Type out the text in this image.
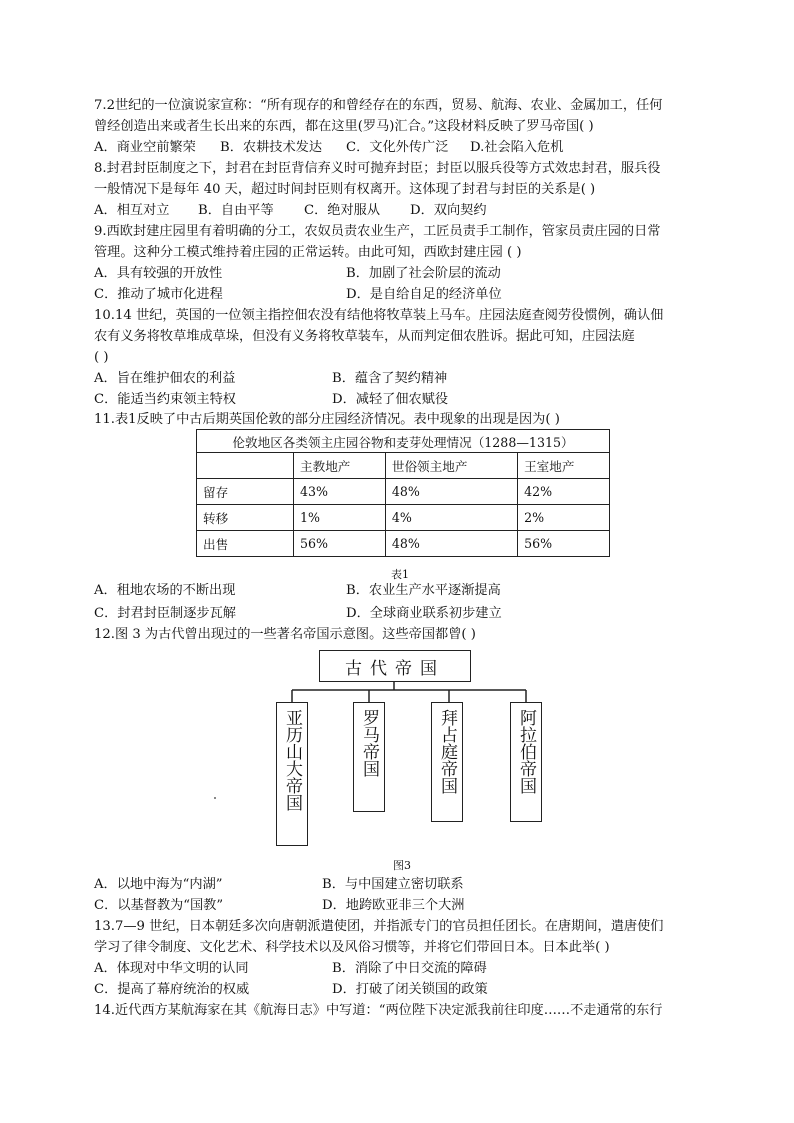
7.2世纪的一位演说家宣称：“所有现存的和曾经存在的东西，贸易、航海、农业、金属加工，任何
曾经创造出来或者生长出来的东西，都在这里(罗马)汇合。”这段材料反映了罗马帝国( )
A．商业空前繁荣 B．农耕技术发达 C．文化外传广泛 D.社会陷入危机
8.封君封臣制度之下，封君在封臣背信弃义时可抛弃封臣；封臣以服兵役等方式效忠封君，服兵役
一般情况下是每年 40 天，超过时间封臣则有权离开。这体现了封君与封臣的关系是( )
A．相互对立 B．自由平等 C．绝对服从 D．双向契约
9.西欧封建庄园里有着明确的分工，农奴员责农业生产，工匠员责手工制作，管家员责庄园的日常
管理。这种分工模式维持着庄园的正常运转。由此可知，西欧封建庄园 ( )
A．具有较强的开放性	B．加剧了社会阶层的流动
C．推动了城市化进程	D．是自给自足的经济单位
10.14 世纪，英国的一位领主指控佃农没有结他将牧草装上马车。庄园法庭查阅劳役惯例，确认佃
农有义务将牧草堆成草垛，但没有义务将牧草装车，从而判定佃农胜诉。据此可知，庄园法庭
( )
A．旨在维护佃农的利益	B．蕴含了契约精神
C．能适当约束领主特权	D．减轻了佃农赋役
11.表1反映了中古后期英国伦敦的部分庄园经济情况。表中现象的出现是因为( )
伦敦地区各类领主庄园谷物和麦芽处理情况（1288—1315）			
	主教地产	世俗领主地产	王室地产
留存	43%	48%	42%
转移	1%	4%	2%
出售	56%	48%	56%
表1
A．租地农场的不断出现	B．农业生产水平逐渐提高
C．封君封臣制逐步瓦解	D．全球商业联系初步建立
12.图 3 为古代曾出现过的一些著名帝国示意图。这些帝国都曾( )
古代帝国
亚历山大帝国	罗马帝国	拜占庭帝国	阿拉伯帝国
图3
A．以地中海为“内湖”	B．与中国建立密切联系
C．以基督教为“国教”	D．地跨欧亚非三个大洲
13.7—9 世纪，日本朝廷多次向唐朝派遣使团，并指派专门的官员担任团长。在唐期间，遣唐使们
学习了律令制度、文化艺术、科学技术以及风俗习惯等，并将它们带回日本。日本此举( )
A．体现对中华文明的认同	B．消除了中日交流的障碍
C．提高了幕府统治的权威	D．打破了闭关锁国的政策
14.近代西方某航海家在其《航海日志》中写道：“两位陛下决定派我前往印度……不走通常的东行
